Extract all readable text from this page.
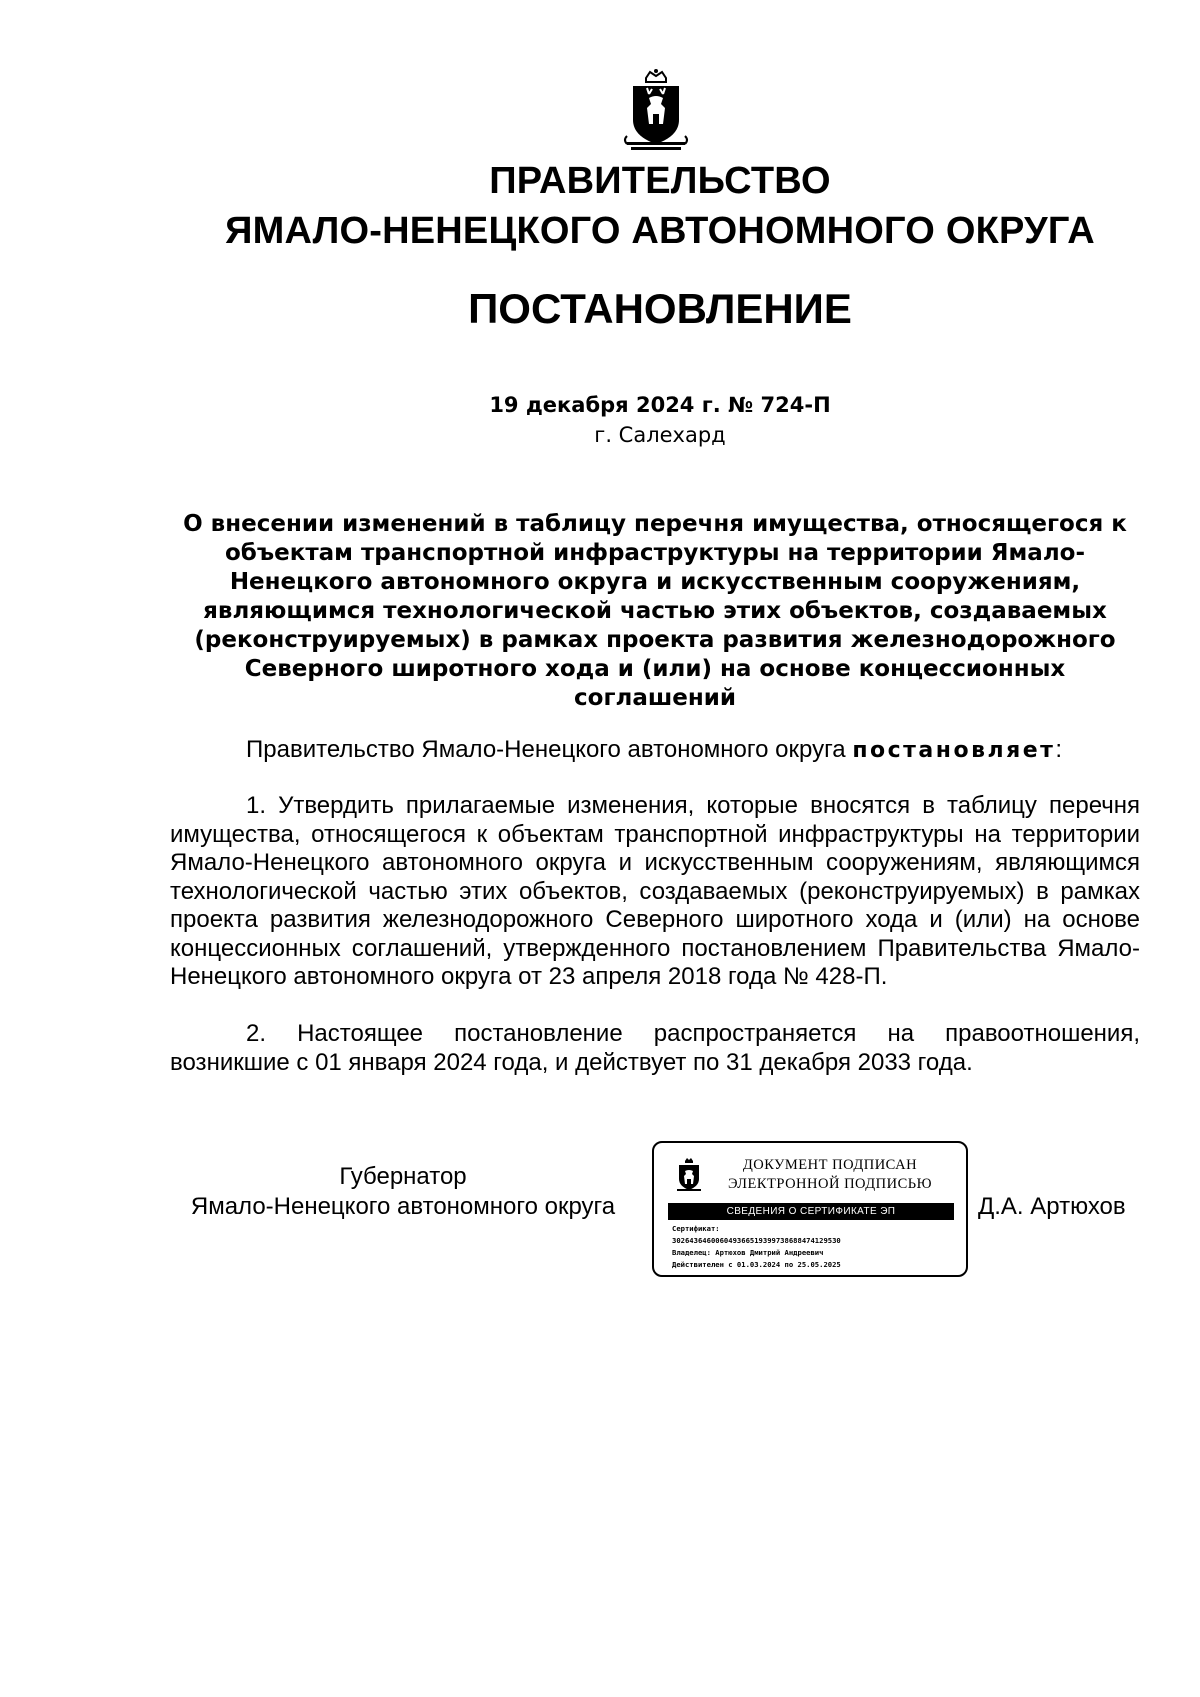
ПРАВИТЕЛЬСТВО
ЯМАЛО-НЕНЕЦКОГО АВТОНОМНОГО ОКРУГА
ПОСТАНОВЛЕНИЕ
19 декабря 2024 г. № 724-П
г. Салехард
О внесении изменений в таблицу перечня имущества, относящегося к объектам транспортной инфраструктуры на территории Ямало-Ненецкого автономного округа и искусственным сооружениям, являющимся технологической частью этих объектов, создаваемых (реконструируемых) в рамках проекта развития железнодорожного Северного широтного хода и (или) на основе концессионных соглашений
Правительство Ямало-Ненецкого автономного округа постановляет:
1. Утвердить прилагаемые изменения, которые вносятся в таблицу перечня имущества, относящегося к объектам транспортной инфраструктуры на территории Ямало-Ненецкого автономного округа и искусственным сооружениям, являющимся технологической частью этих объектов, создаваемых (реконструируемых) в рамках проекта развития железнодорожного Северного широтного хода и (или) на основе концессионных соглашений, утвержденного постановлением Правительства Ямало-Ненецкого автономного округа от 23 апреля 2018 года № 428-П.
2. Настоящее постановление распространяется на правоотношения, возникшие с 01 января 2024 года, и действует по 31 декабря 2033 года.
Губернатор
Ямало-Ненецкого автономного округа
ДОКУМЕНТ ПОДПИСАН
ЭЛЕКТРОННОЙ ПОДПИСЬЮ
СВЕДЕНИЯ О СЕРТИФИКАТЕ ЭП
Сертификат:
3026436460060493665193997386884741295З0
Владелец: Артюхов Дмитрий Андреевич
Действителен с 01.03.2024 по 25.05.2025
Д.А. Артюхов
